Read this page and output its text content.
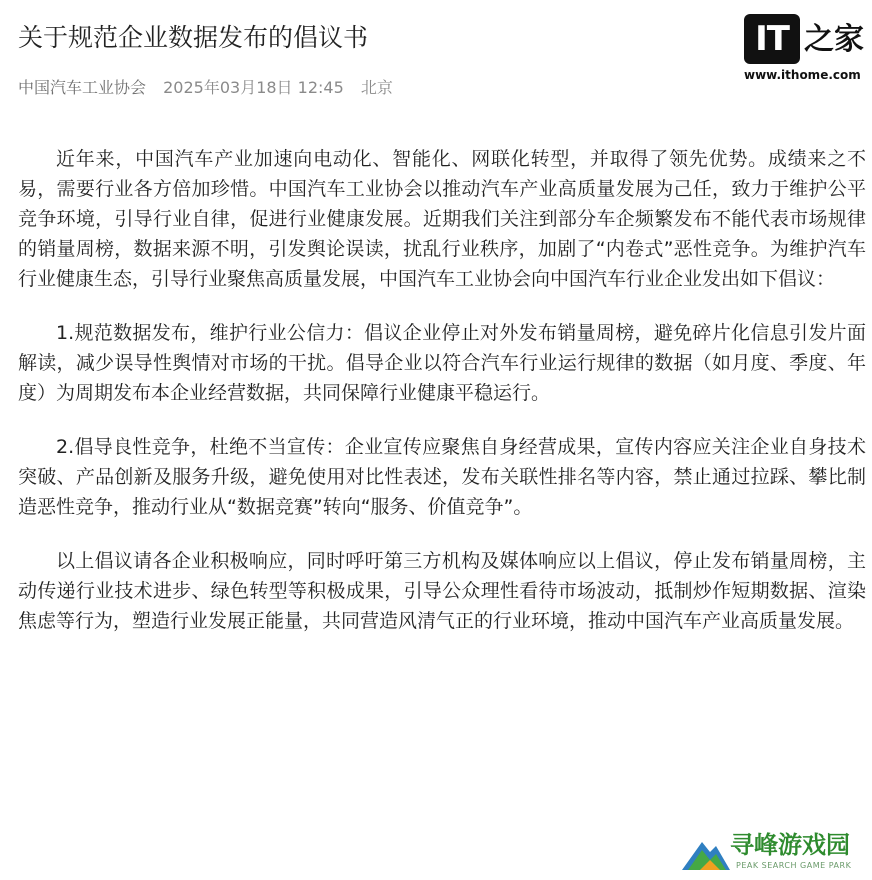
关于规范企业数据发布的倡议书
中国汽车工业协会 2025年03月18日 12:45 北京
IT 之家
www.ithome.com

近年来，中国汽车产业加速向电动化、智能化、网联化转型，并取得了领先优势。成绩来之不易，需要行业各方倍加珍惜。中国汽车工业协会以推动汽车产业高质量发展为己任，致力于维护公平竞争环境，引导行业自律，促进行业健康发展。近期我们关注到部分车企频繁发布不能代表市场规律的销量周榜，数据来源不明，引发舆论误读，扰乱行业秩序，加剧了“内卷式”恶性竞争。为维护汽车行业健康生态，引导行业聚焦高质量发展，中国汽车工业协会向中国汽车行业企业发出如下倡议：

1.规范数据发布，维护行业公信力：倡议企业停止对外发布销量周榜，避免碎片化信息引发片面解读，减少误导性舆情对市场的干扰。倡导企业以符合汽车行业运行规律的数据（如月度、季度、年度）为周期发布本企业经营数据，共同保障行业健康平稳运行。

2.倡导良性竞争，杜绝不当宣传：企业宣传应聚焦自身经营成果，宣传内容应关注企业自身技术突破、产品创新及服务升级，避免使用对比性表述，发布关联性排名等内容，禁止通过拉踩、攀比制造恶性竞争，推动行业从“数据竞赛”转向“服务、价值竞争”。

以上倡议请各企业积极响应，同时呼吁第三方机构及媒体响应以上倡议，停止发布销量周榜，主动传递行业技术进步、绿色转型等积极成果，引导公众理性看待市场波动，抵制炒作短期数据、渲染焦虑等行为，塑造行业发展正能量，共同营造风清气正的行业环境，推动中国汽车产业高质量发展。

寻峰游戏园
PEAK SEARCH GAME PARK
